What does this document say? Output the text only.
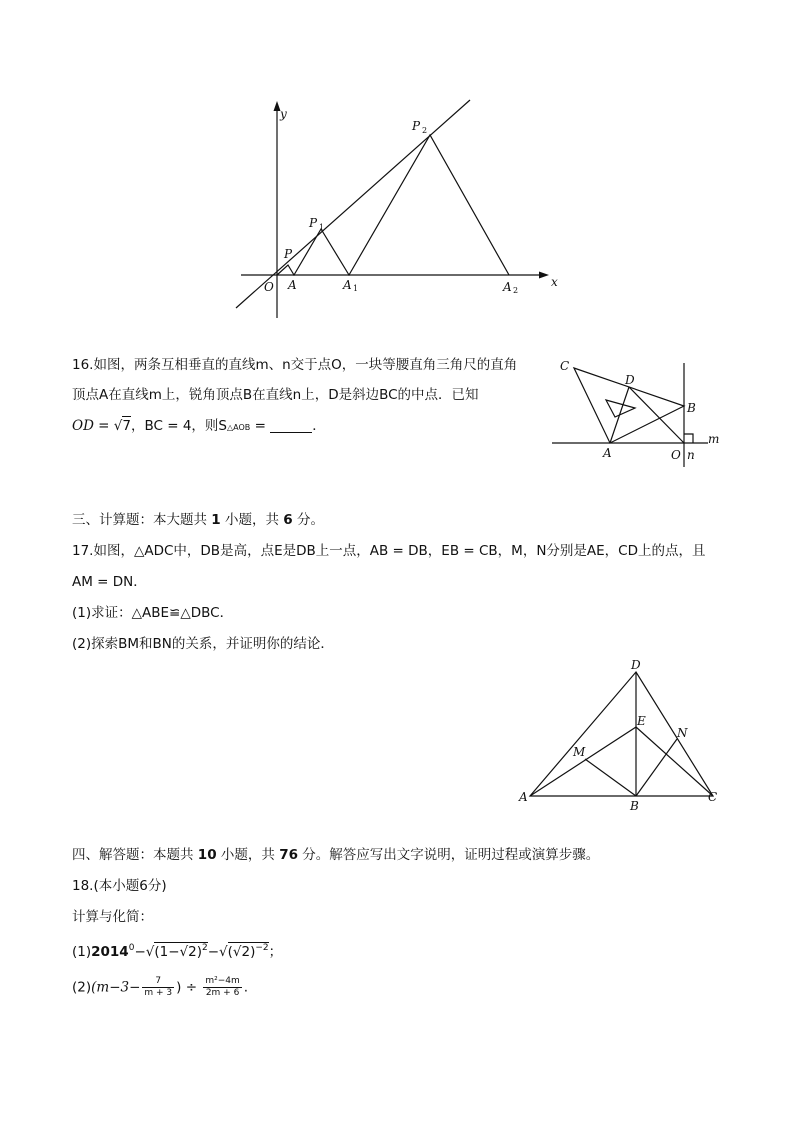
y
x
O A	A 1	A 2
P
P 1
P 2
16.如图，两条互相垂直的直线m、n交于点O，一块等腰直角三角尺的直角
顶点A在直线m上，锐角顶点B在直线n上，D是斜边BC的中点．已知
OD = √7，BC = 4，则S△AOB =	．
C
D
B
A	O n
m
三、计算题：本大题共 1 小题，共 6 分。
17.如图，△ADC中，DB是高，点E是DB上一点，AB = DB，EB = CB，M，N分别是AE，CD上的点，且
AM = DN．
(1)求证：△ABE≌△DBC．
(2)探索BM和BN的关系，并证明你的结论．
D
E
N
M
A
B
C
四、解答题：本题共 10 小题，共 76 分。解答应写出文字说明，证明过程或演算步骤。
18.(本小题6分)
计算与化简：
$(1)2014^0-√(1-√2)^2-√(√2)^{-2}$；
$(2)(m-3- \frac{7}{m + 3}$ ) ÷ $\frac{\text{m²−4m}}{2m + 6}$ .
